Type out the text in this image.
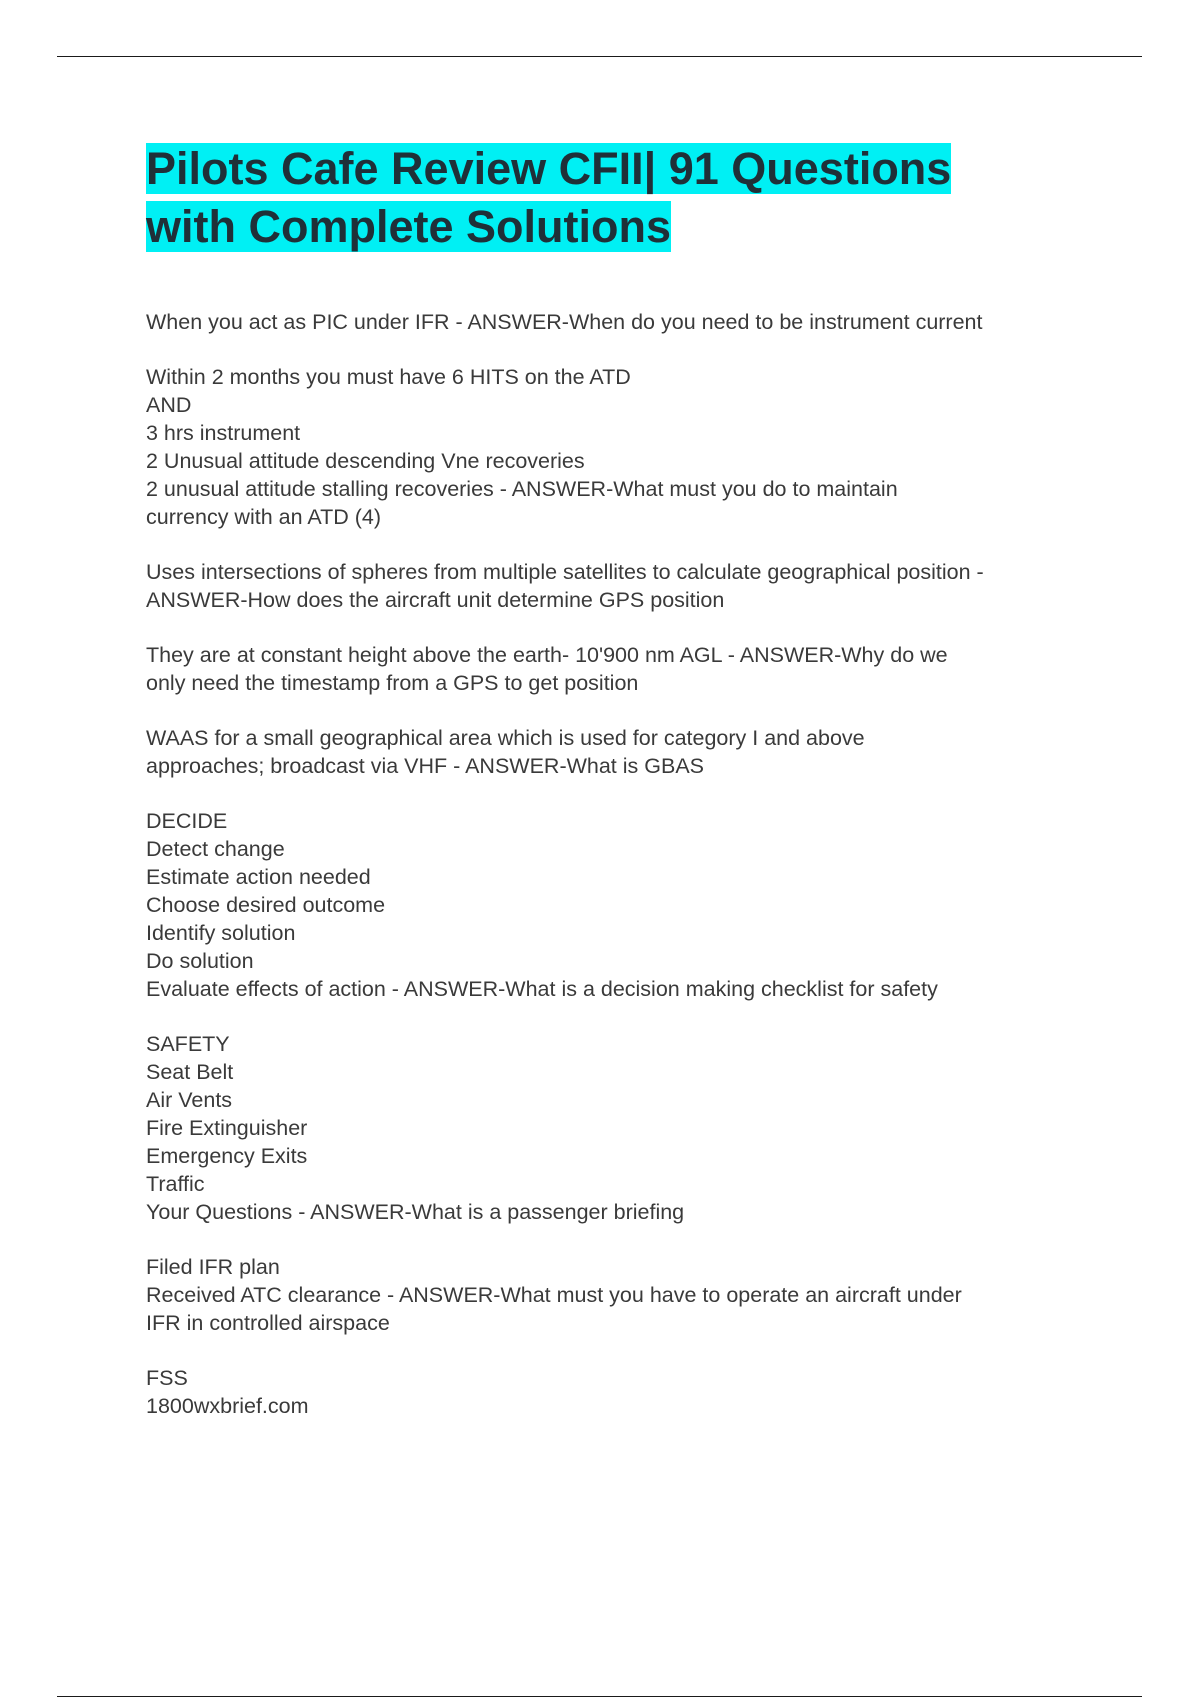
Pilots Cafe Review CFII| 91 Questions
with Complete Solutions
When you act as PIC under IFR - ANSWER-When do you need to be instrument current
Within 2 months you must have 6 HITS on the ATD
AND
3 hrs instrument
2 Unusual attitude descending Vne recoveries
2 unusual attitude stalling recoveries - ANSWER-What must you do to maintain
currency with an ATD (4)
Uses intersections of spheres from multiple satellites to calculate geographical position -
ANSWER-How does the aircraft unit determine GPS position
They are at constant height above the earth- 10'900 nm AGL - ANSWER-Why do we
only need the timestamp from a GPS to get position
WAAS for a small geographical area which is used for category I and above
approaches; broadcast via VHF - ANSWER-What is GBAS
DECIDE
Detect change
Estimate action needed
Choose desired outcome
Identify solution
Do solution
Evaluate effects of action - ANSWER-What is a decision making checklist for safety
SAFETY
Seat Belt
Air Vents
Fire Extinguisher
Emergency Exits
Traffic
Your Questions - ANSWER-What is a passenger briefing
Filed IFR plan
Received ATC clearance - ANSWER-What must you have to operate an aircraft under
IFR in controlled airspace
FSS
1800wxbrief.com
